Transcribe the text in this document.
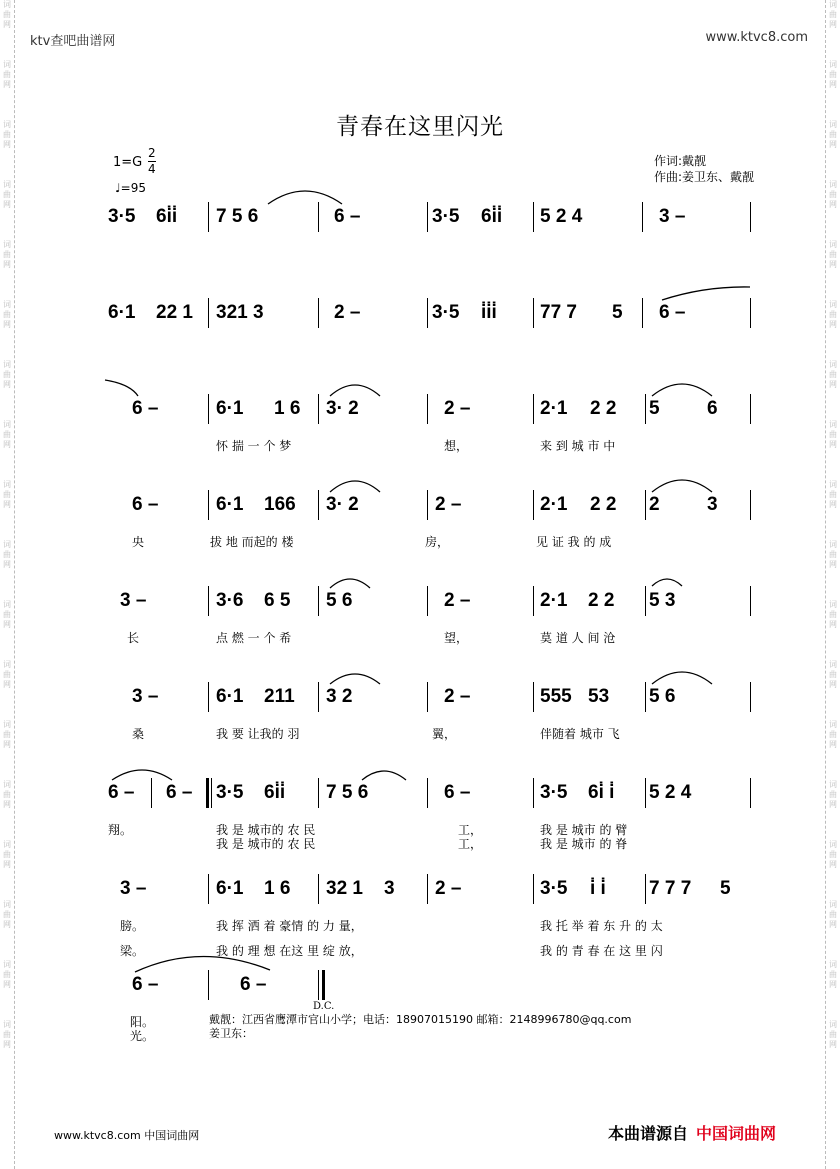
词
曲
网
词
曲
网
词
曲
网
词
曲
网
词
曲
网
词
曲
网
词
曲
网
词
曲
网
词
曲
网
词
曲
网
词
曲
网
词
曲
网
词
曲
网
词
曲
网
词
曲
网
词
曲
网
词
曲
网
词
曲
网
词
曲
网
词
曲
网
词
曲
网
词
曲
网
词
曲
网
词
曲
网
词
曲
网
词
曲
网
词
曲
网
词
曲
网
词
曲
网
词
曲
网
词
曲
网
词
曲
网
词
曲
网
词
曲
网
词
曲
网
词
曲
网
ktv查吧曲谱网	www.ktvc8.com
青春在这里闪光
$1=G \frac{2}{4}$
♩=95
作词:戴靓
作曲:姜卫东、戴靓
3·5 6i̇i̇ 7 5 6	6 –	3·5 6i̇i̇ 5 2 4	3 –
6·1 22 1 321 3	2 –	3·5 i̇i̇i̇ 77 7 5 6 –
6 –	6·1 1 6 3· 2	2 –	2·1 2 2 5 6
怀 揣 一 个 梦	想，	来 到 城 市 中
6 –	6·1 166 3· 2	2 –	2·1 2 2 2 3
央	拔 地 而起的 楼	房，	见 证 我 的 成
3 –	3·6 6 5 5 6	2 –	2·1 2 2 5 3
长	点 燃 一 个 希	望，	莫 道 人 间 沧
3 –	6·1 211 3 2	2 –	555 53 5 6
桑	我 要 让我的 羽	翼，	伴随着 城市 飞
6 – 6 – 3·5 6i̇i̇ 7 5 6	6 –	3·5 6i̇ i̇ 5 2 4
翔。	我 是 城市的 农 民	工，	我 是 城市 的 臂
我 是 城市的 农 民	工，	我 是 城市 的 脊
3 –	6·1 1 6 32 1 3 2 –	3·5 i̇ i̇ 7 7 7 5
膀。	我 挥 洒 着 豪情 的 力 量，	我 托 举 着 东 升 的 太
梁。	我 的 理 想 在这 里 绽 放，	我 的 青 春 在 这 里 闪
6 –	6 –
D.C.
阳。
光。
戴靓：江西省鹰潭市官山小学；电话：18907015190 邮箱：2148996780@qq.com
姜卫东：
www.ktvc8.com 中国词曲网	本曲谱源自 中国词曲网
